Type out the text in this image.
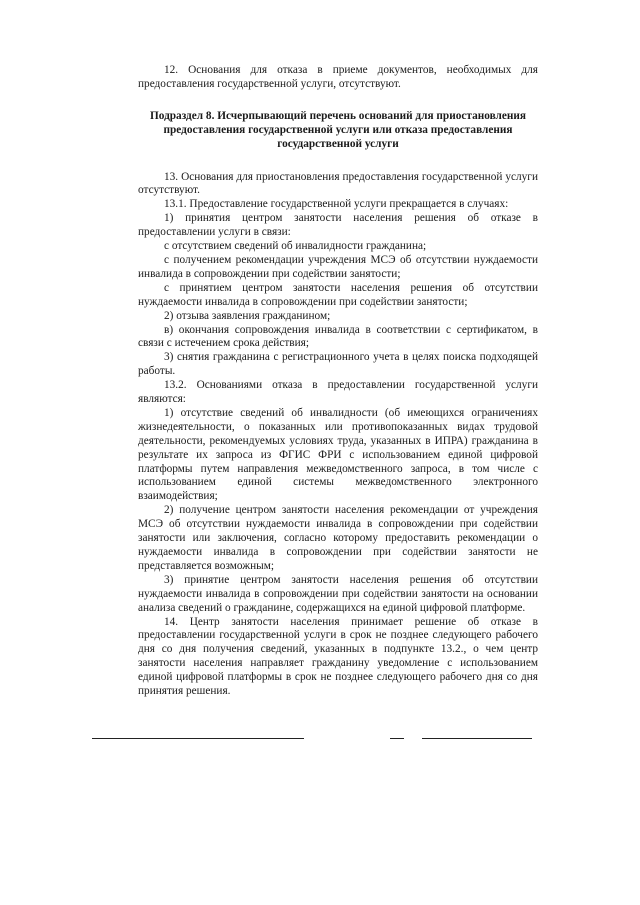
12. Основания для отказа в приеме документов, необходимых для предоставления государственной услуги, отсутствуют.

Подраздел 8. Исчерпывающий перечень оснований для приостановления предоставления государственной услуги или отказа предоставления государственной услуги

13. Основания для приостановления предоставления государственной услуги отсутствуют.

13.1. Предоставление государственной услуги прекращается в случаях:

1) принятия центром занятости населения решения об отказе в предоставлении услуги в связи:

с отсутствием сведений об инвалидности гражданина;

с получением рекомендации учреждения МСЭ об отсутствии нуждаемости инвалида в сопровождении при содействии занятости;

с принятием центром занятости населения решения об отсутствии нуждаемости инвалида в сопровождении при содействии занятости;

2) отзыва заявления гражданином;

в) окончания сопровождения инвалида в соответствии с сертификатом, в связи с истечением срока действия;

3) снятия гражданина с регистрационного учета в целях поиска подходящей работы.

13.2. Основаниями отказа в предоставлении государственной услуги являются:

1) отсутствие сведений об инвалидности (об имеющихся ограничениях жизнедеятельности, о показанных или противопоказанных видах трудовой деятельности, рекомендуемых условиях труда, указанных в ИПРА) гражданина в результате их запроса из ФГИС ФРИ с использованием единой цифровой платформы путем направления межведомственного запроса, в том числе с использованием единой системы межведомственного электронного взаимодействия;

2) получение центром занятости населения рекомендации от учреждения МСЭ об отсутствии нуждаемости инвалида в сопровождении при содействии занятости или заключения, согласно которому предоставить рекомендации о нуждаемости инвалида в сопровождении при содействии занятости не представляется возможным;

3) принятие центром занятости населения решения об отсутствии нуждаемости инвалида в сопровождении при содействии занятости на основании анализа сведений о гражданине, содержащихся на единой цифровой платформе.

14. Центр занятости населения принимает решение об отказе в предоставлении государственной услуги в срок не позднее следующего рабочего дня со дня получения сведений, указанных в подпункте 13.2., о чем центр занятости населения направляет гражданину уведомление с использованием единой цифровой платформы в срок не позднее следующего рабочего дня со дня принятия решения.
